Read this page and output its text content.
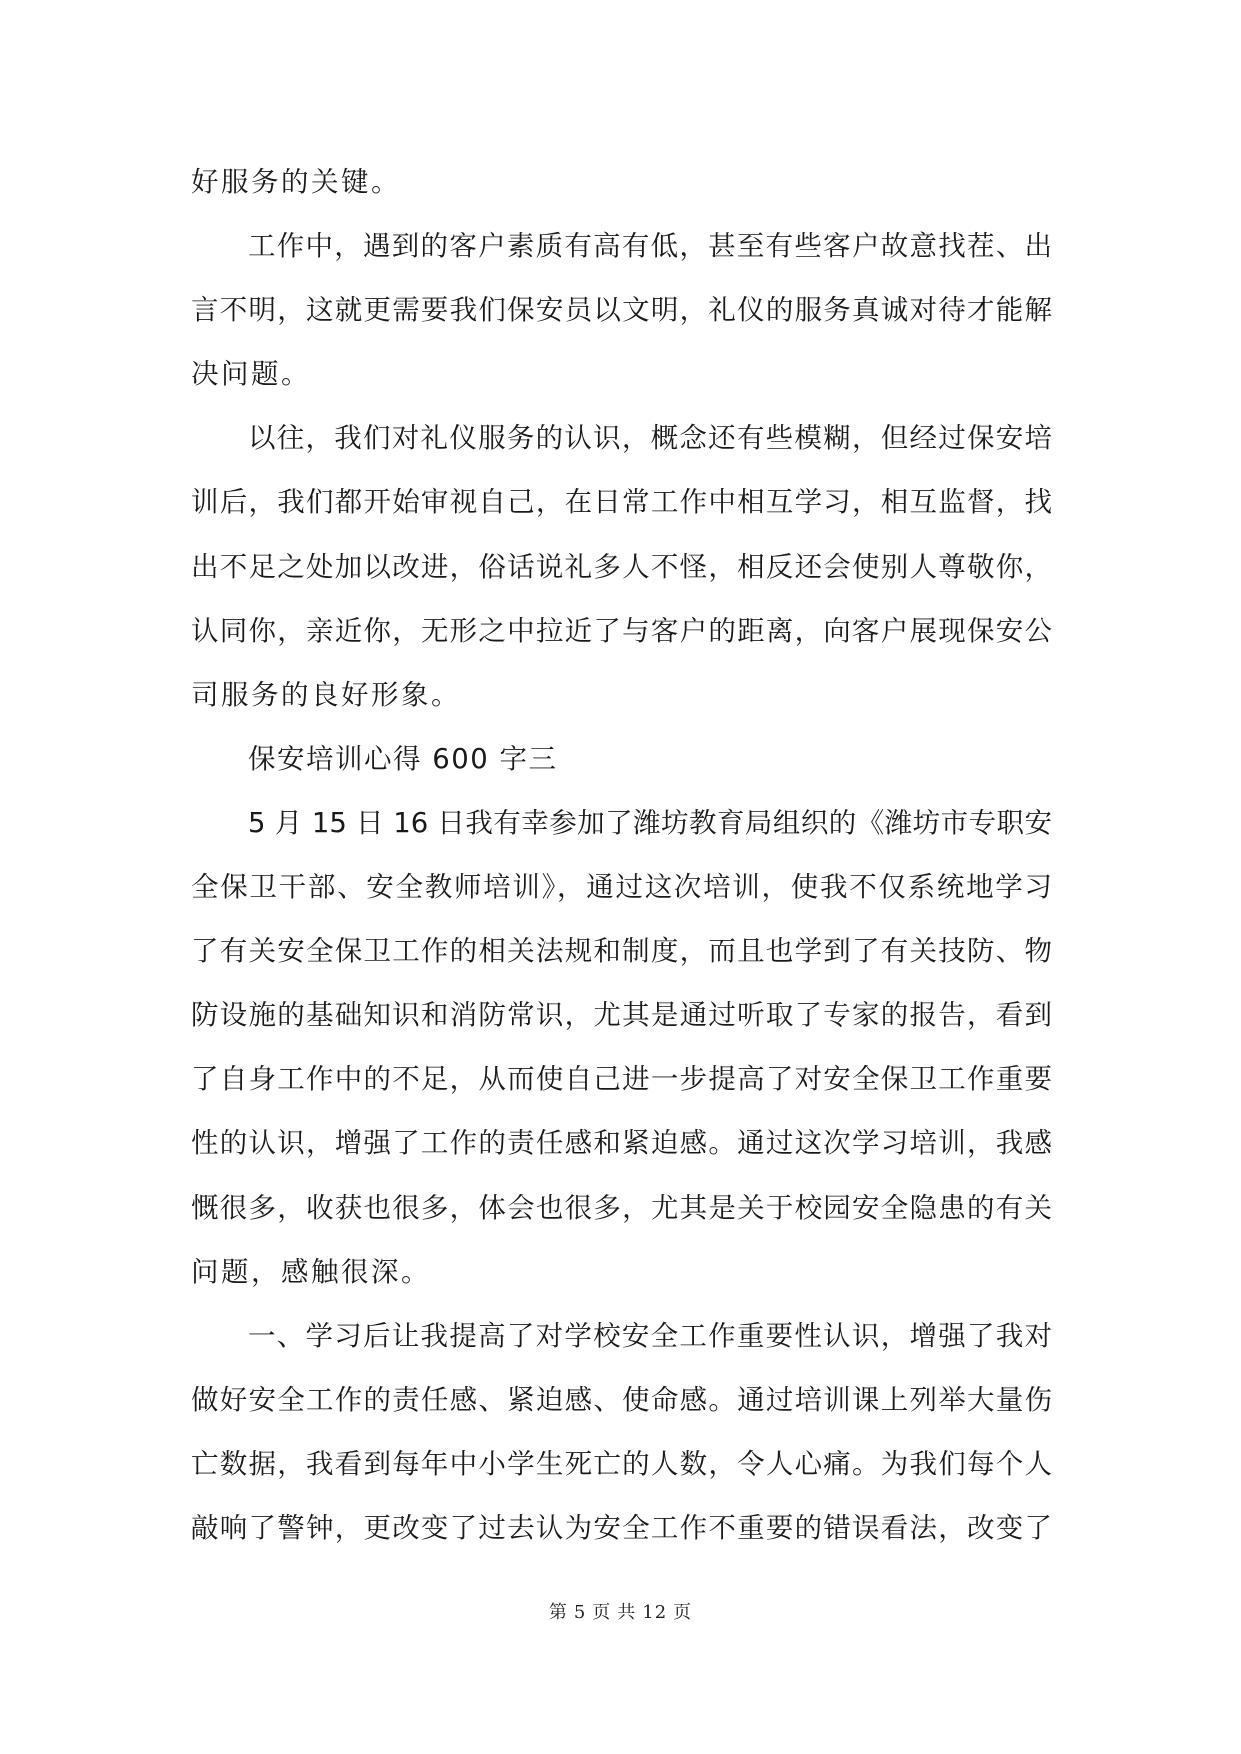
好服务的关键。
工作中，遇到的客户素质有高有低，甚至有些客户故意找茬、出
言不明，这就更需要我们保安员以文明，礼仪的服务真诚对待才能解
决问题。
以往，我们对礼仪服务的认识，概念还有些模糊，但经过保安培
训后，我们都开始审视自己，在日常工作中相互学习，相互监督，找
出不足之处加以改进，俗话说礼多人不怪，相反还会使别人尊敬你，
认同你，亲近你，无形之中拉近了与客户的距离，向客户展现保安公
司服务的良好形象。
保安培训心得 600 字三
5 月 15 日 16 日我有幸参加了潍坊教育局组织的《潍坊市专职安
全保卫干部、安全教师培训》，通过这次培训，使我不仅系统地学习
了有关安全保卫工作的相关法规和制度，而且也学到了有关技防、物
防设施的基础知识和消防常识，尤其是通过听取了专家的报告，看到
了自身工作中的不足，从而使自己进一步提高了对安全保卫工作重要
性的认识，增强了工作的责任感和紧迫感。通过这次学习培训，我感
慨很多，收获也很多，体会也很多，尤其是关于校园安全隐患的有关
问题，感触很深。
一、学习后让我提高了对学校安全工作重要性认识，增强了我对
做好安全工作的责任感、紧迫感、使命感。通过培训课上列举大量伤
亡数据，我看到每年中小学生死亡的人数，令人心痛。为我们每个人
敲响了警钟，更改变了过去认为安全工作不重要的错误看法，改变了
第 5 页 共 12 页
